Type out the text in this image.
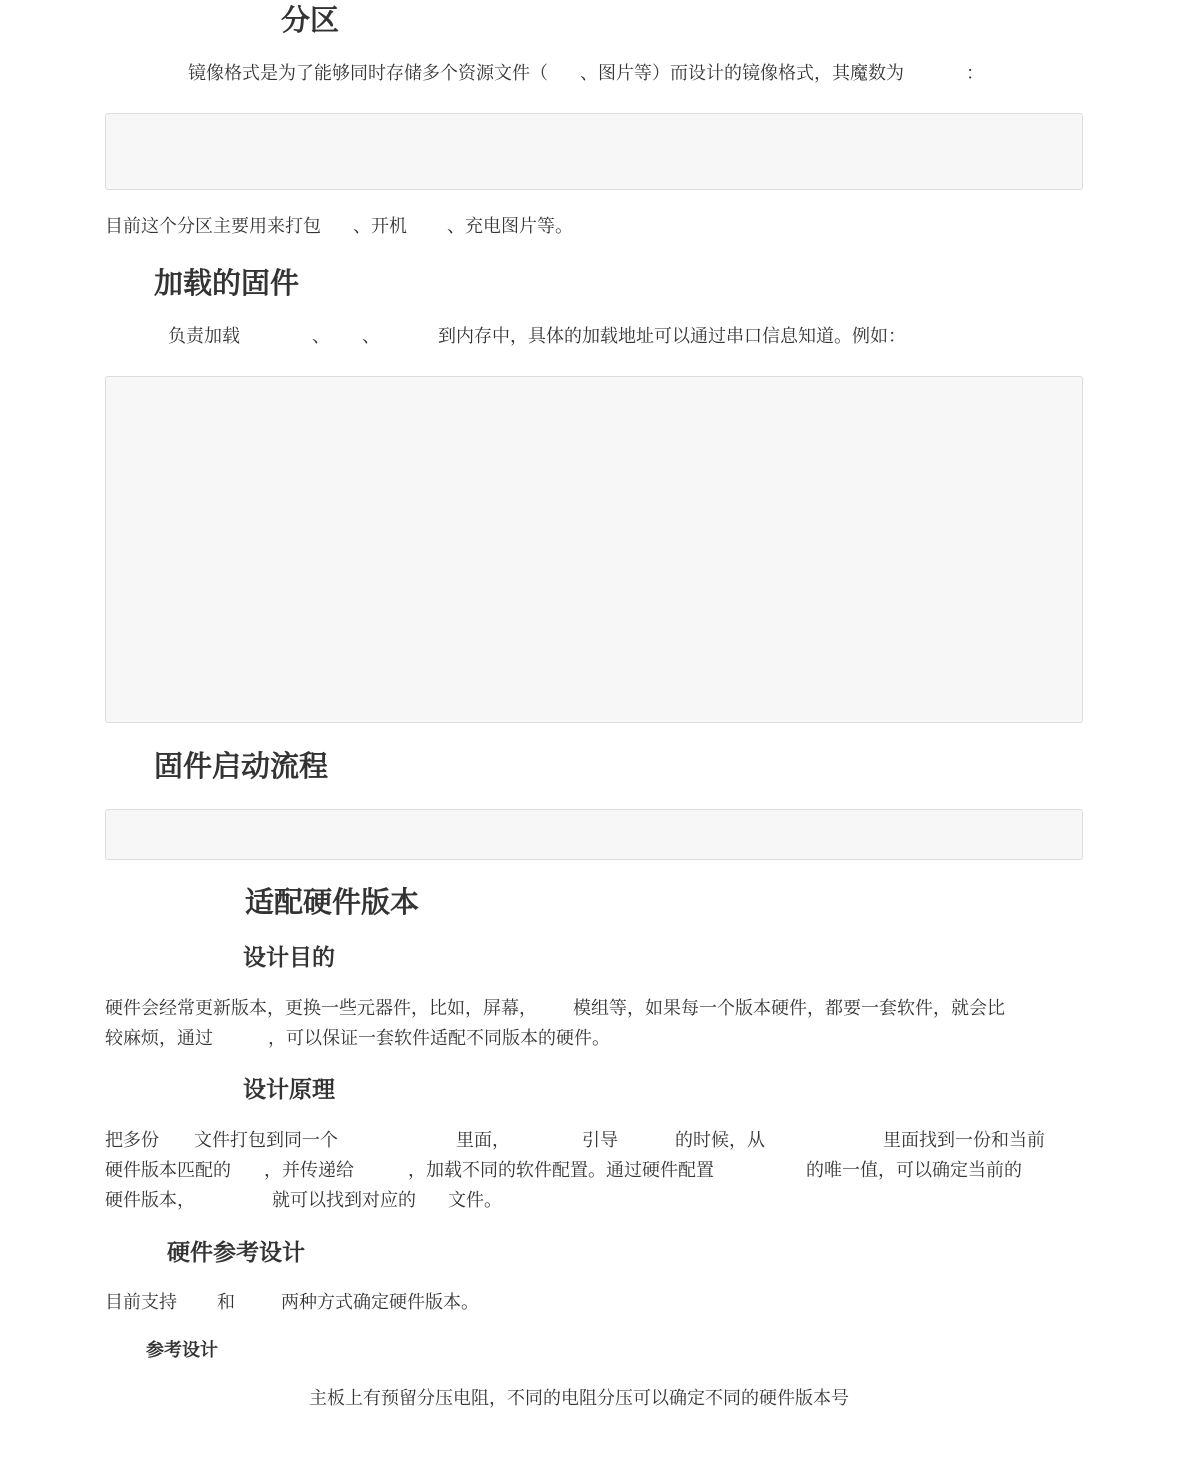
分区
镜像格式是为了能够同时存储多个资源文件（ 、图片等）而设计的镜像格式，其魔数为	：
目前这个分区主要用来打包 、开机 、充电图片等。
加载的固件
负责加载	、 、	到内存中，具体的加载地址可以通过串口信息知道。例如：
固件启动流程
适配硬件版本
设计目的
硬件会经常更新版本，更换一些元器件，比如，屏幕， 模组等，如果每一个版本硬件，都要一套软件，就会比
较麻烦，通过	，可以保证一套软件适配不同版本的硬件。
设计原理
把多份 文件打包到同一个	里面，	引导	的时候，从	里面找到一份和当前
硬件版本匹配的 ，并传递给	，加载不同的软件配置。通过硬件配置	的唯一值，可以确定当前的
硬件版本，	就可以找到对应的 文件。
硬件参考设计
目前支持 和	两种方式确定硬件版本。
参考设计
主板上有预留分压电阻，不同的电阻分压可以确定不同的硬件版本号
